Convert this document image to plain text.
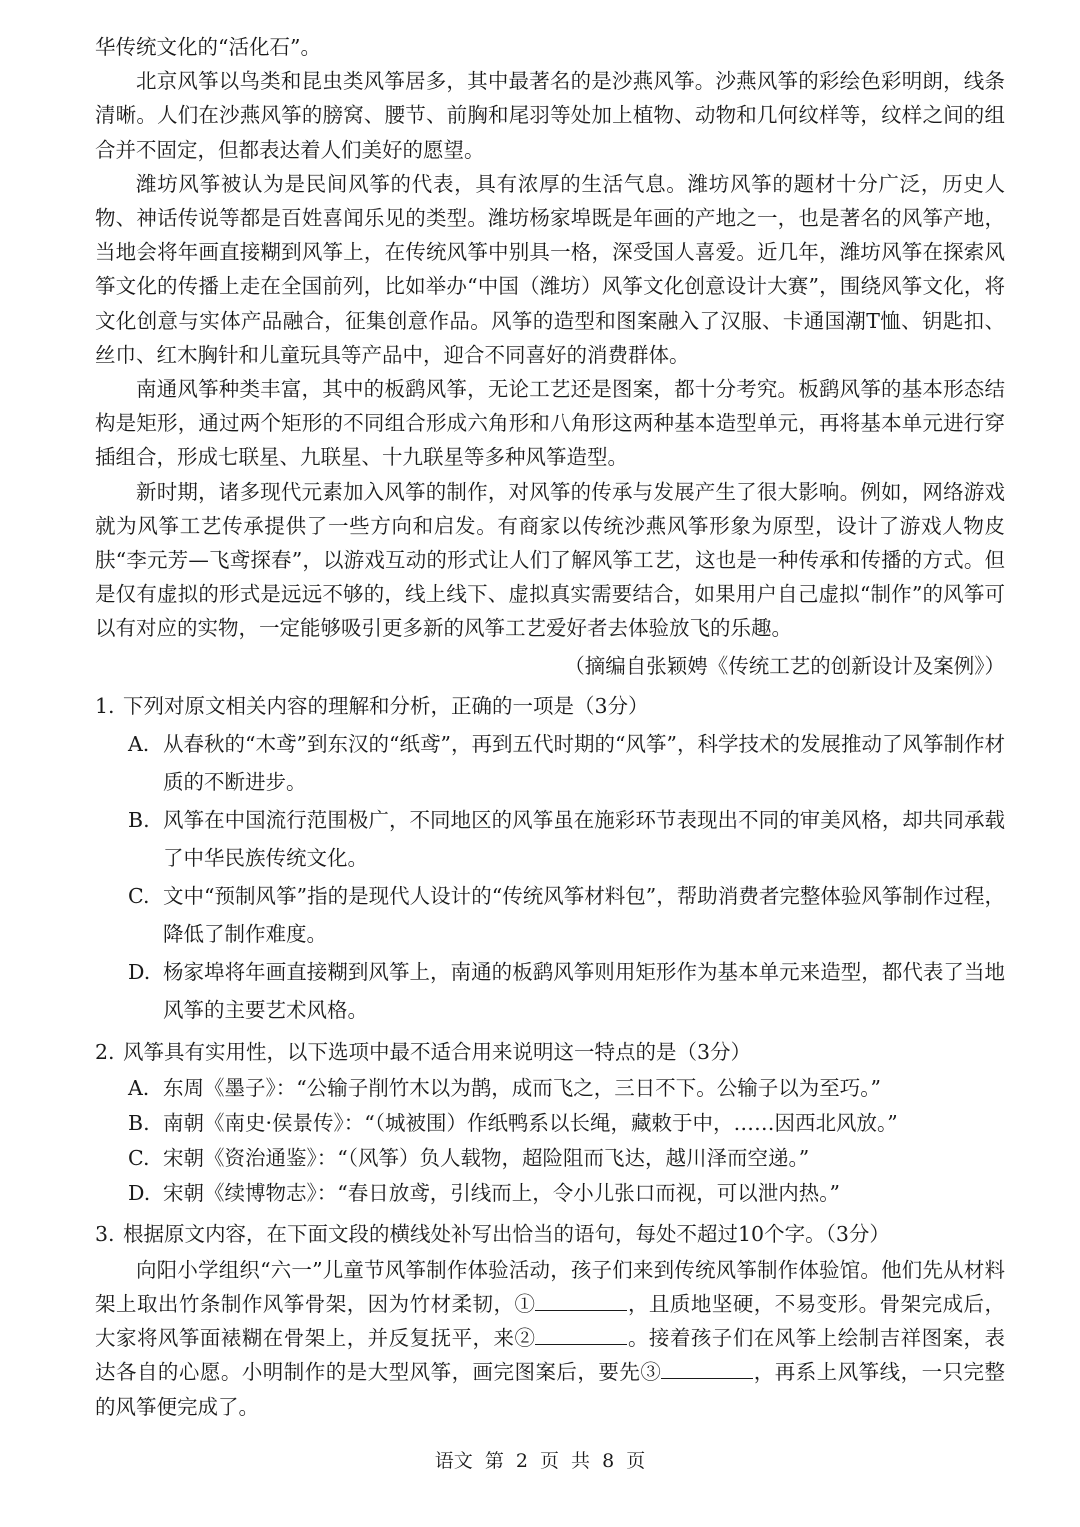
华传统文化的“活化石”。

北京风筝以鸟类和昆虫类风筝居多，其中最著名的是沙燕风筝。沙燕风筝的彩绘色彩明朗，线条清晰。人们在沙燕风筝的膀窝、腰节、前胸和尾羽等处加上植物、动物和几何纹样等，纹样之间的组合并不固定，但都表达着人们美好的愿望。

潍坊风筝被认为是民间风筝的代表，具有浓厚的生活气息。潍坊风筝的题材十分广泛，历史人物、神话传说等都是百姓喜闻乐见的类型。潍坊杨家埠既是年画的产地之一，也是著名的风筝产地，当地会将年画直接糊到风筝上，在传统风筝中别具一格，深受国人喜爱。近几年，潍坊风筝在探索风筝文化的传播上走在全国前列，比如举办“中国（潍坊）风筝文化创意设计大赛”，围绕风筝文化，将文化创意与实体产品融合，征集创意作品。风筝的造型和图案融入了汉服、卡通国潮T恤、钥匙扣、丝巾、红木胸针和儿童玩具等产品中，迎合不同喜好的消费群体。

南通风筝种类丰富，其中的板鹞风筝，无论工艺还是图案，都十分考究。板鹞风筝的基本形态结构是矩形，通过两个矩形的不同组合形成六角形和八角形这两种基本造型单元，再将基本单元进行穿插组合，形成七联星、九联星、十九联星等多种风筝造型。

新时期，诸多现代元素加入风筝的制作，对风筝的传承与发展产生了很大影响。例如，网络游戏就为风筝工艺传承提供了一些方向和启发。有商家以传统沙燕风筝形象为原型，设计了游戏人物皮肤“李元芳—飞鸢探春”，以游戏互动的形式让人们了解风筝工艺，这也是一种传承和传播的方式。但是仅有虚拟的形式是远远不够的，线上线下、虚拟真实需要结合，如果用户自己虚拟“制作”的风筝可以有对应的实物，一定能够吸引更多新的风筝工艺爱好者去体验放飞的乐趣。

（摘编自张颖娉《传统工艺的创新设计及案例》）

1. 下列对原文相关内容的理解和分析，正确的一项是（3分）

A. 从春秋的“木鸢”到东汉的“纸鸢”，再到五代时期的“风筝”，科学技术的发展推动了风筝制作材质的不断进步。

B. 风筝在中国流行范围极广，不同地区的风筝虽在施彩环节表现出不同的审美风格，却共同承载了中华民族传统文化。

C. 文中“预制风筝”指的是现代人设计的“传统风筝材料包”，帮助消费者完整体验风筝制作过程，降低了制作难度。

D. 杨家埠将年画直接糊到风筝上，南通的板鹞风筝则用矩形作为基本单元来造型，都代表了当地风筝的主要艺术风格。

2. 风筝具有实用性，以下选项中最不适合用来说明这一特点的是（3分）

A. 东周《墨子》：“公输子削竹木以为鹊，成而飞之，三日不下。公输子以为至巧。”

B. 南朝《南史·侯景传》：“（城被围）作纸鸭系以长绳，藏敕于中，……因西北风放。”

C. 宋朝《资治通鉴》：“（风筝）负人载物，超险阻而飞达，越川泽而空递。”

D. 宋朝《续博物志》：“春日放鸢，引线而上，令小儿张口而视，可以泄内热。”

3. 根据原文内容，在下面文段的横线处补写出恰当的语句，每处不超过10个字。（3分）

向阳小学组织“六一”儿童节风筝制作体验活动，孩子们来到传统风筝制作体验馆。他们先从材料架上取出竹条制作风筝骨架，因为竹材柔韧，①	，且质地坚硬，不易变形。骨架完成后，大家将风筝面裱糊在骨架上，并反复抚平，来②	。接着孩子们在风筝上绘制吉祥图案，表达各自的心愿。小明制作的是大型风筝，画完图案后，要先③	，再系上风筝线，一只完整的风筝便完成了。

语文 第 2 页 共 8 页
